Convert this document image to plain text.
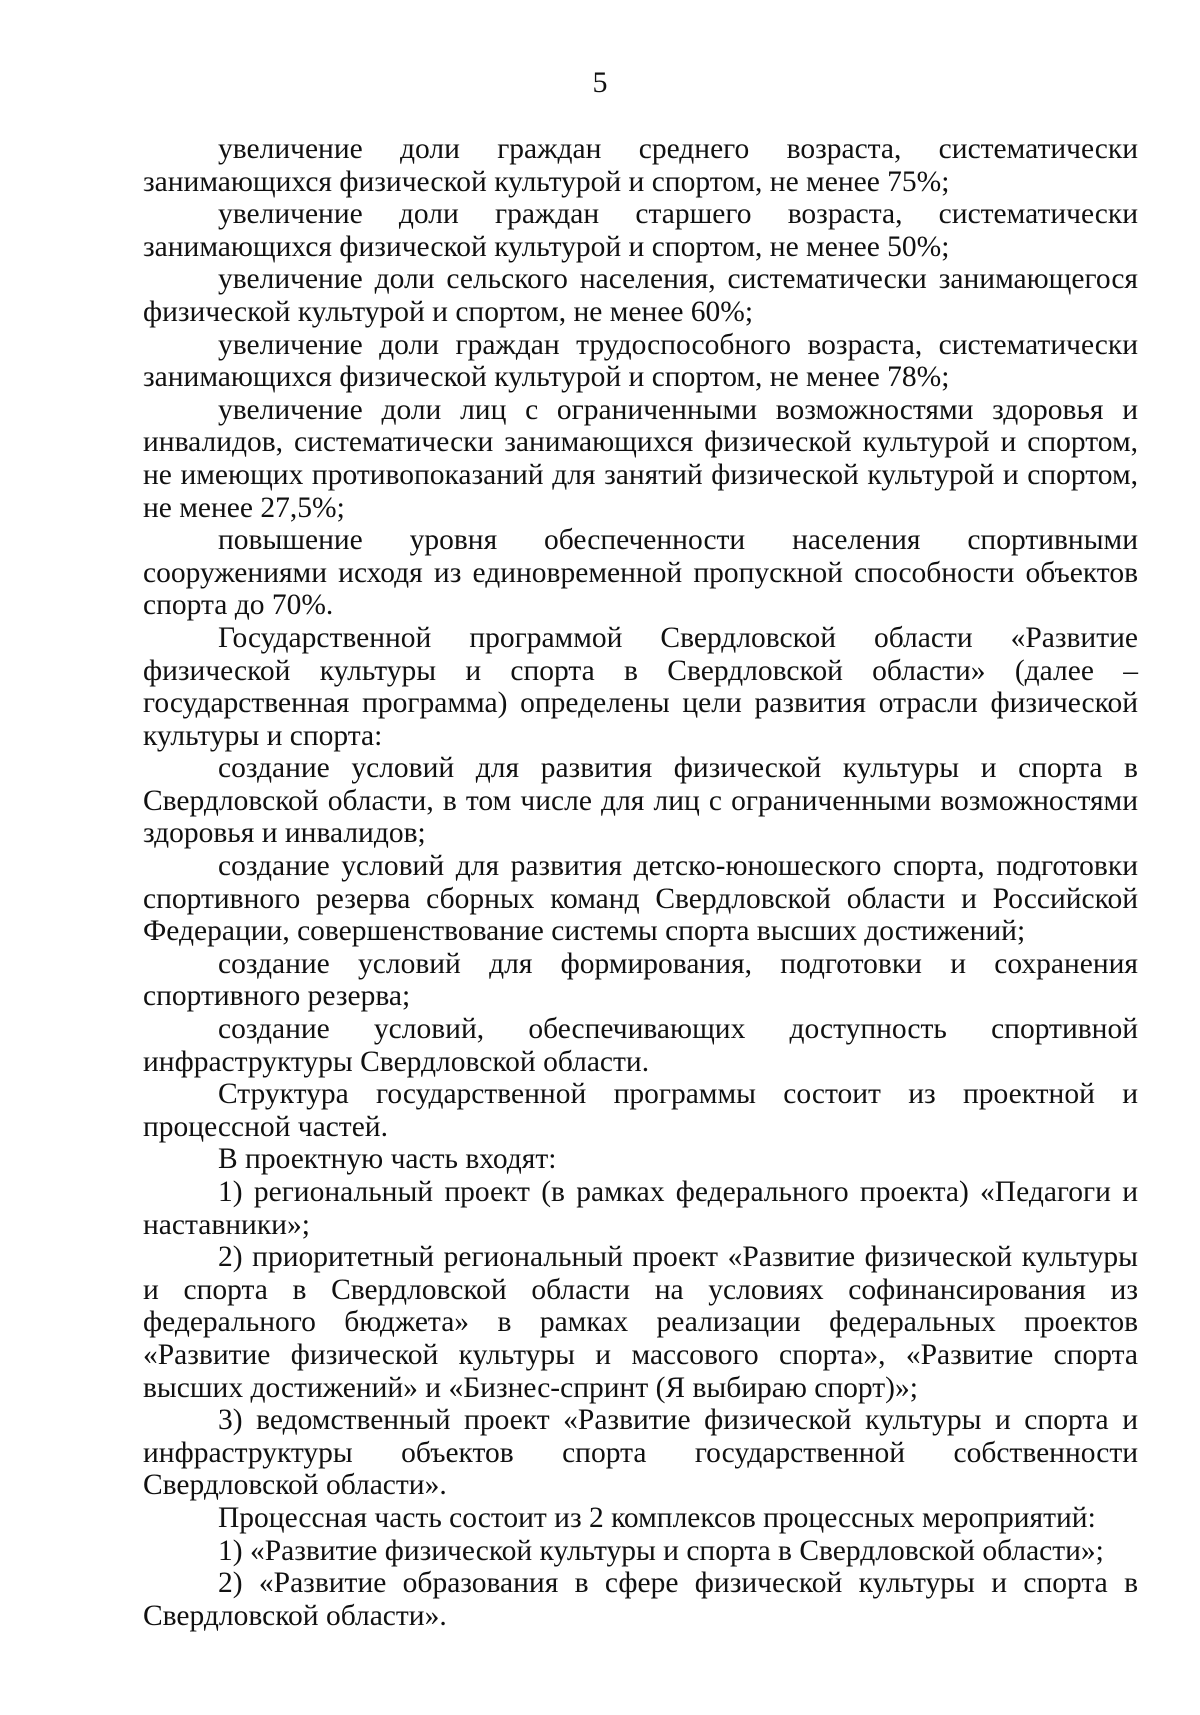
5

увеличение доли граждан среднего возраста, систематически занимающихся физической культурой и спортом, не менее 75%;

увеличение доли граждан старшего возраста, систематически занимающихся физической культурой и спортом, не менее 50%;

увеличение доли сельского населения, систематически занимающегося физической культурой и спортом, не менее 60%;

увеличение доли граждан трудоспособного возраста, систематически занимающихся физической культурой и спортом, не менее 78%;

увеличение доли лиц с ограниченными возможностями здоровья и инвалидов, систематически занимающихся физической культурой и спортом, не имеющих противопоказаний для занятий физической культурой и спортом, не менее 27,5%;

повышение уровня обеспеченности населения спортивными сооружениями исходя из единовременной пропускной способности объектов спорта до 70%.

Государственной программой Свердловской области «Развитие физической культуры и спорта в Свердловской области» (далее – государственная программа) определены цели развития отрасли физической культуры и спорта:

создание условий для развития физической культуры и спорта в Свердловской области, в том числе для лиц с ограниченными возможностями здоровья и инвалидов;

создание условий для развития детско-юношеского спорта, подготовки спортивного резерва сборных команд Свердловской области и Российской Федерации, совершенствование системы спорта высших достижений;

создание условий для формирования, подготовки и сохранения спортивного резерва;

создание условий, обеспечивающих доступность спортивной инфраструктуры Свердловской области.

Структура государственной программы состоит из проектной и процессной частей.

В проектную часть входят:

1) региональный проект (в рамках федерального проекта) «Педагоги и наставники»;

2) приоритетный региональный проект «Развитие физической культуры и спорта в Свердловской области на условиях софинансирования из федерального бюджета» в рамках реализации федеральных проектов «Развитие физической культуры и массового спорта», «Развитие спорта высших достижений» и «Бизнес-спринт (Я выбираю спорт)»;

3) ведомственный проект «Развитие физической культуры и спорта и инфраструктуры объектов спорта государственной собственности Свердловской области».

Процессная часть состоит из 2 комплексов процессных мероприятий:

1) «Развитие физической культуры и спорта в Свердловской области»;

2) «Развитие образования в сфере физической культуры и спорта в Свердловской области».
